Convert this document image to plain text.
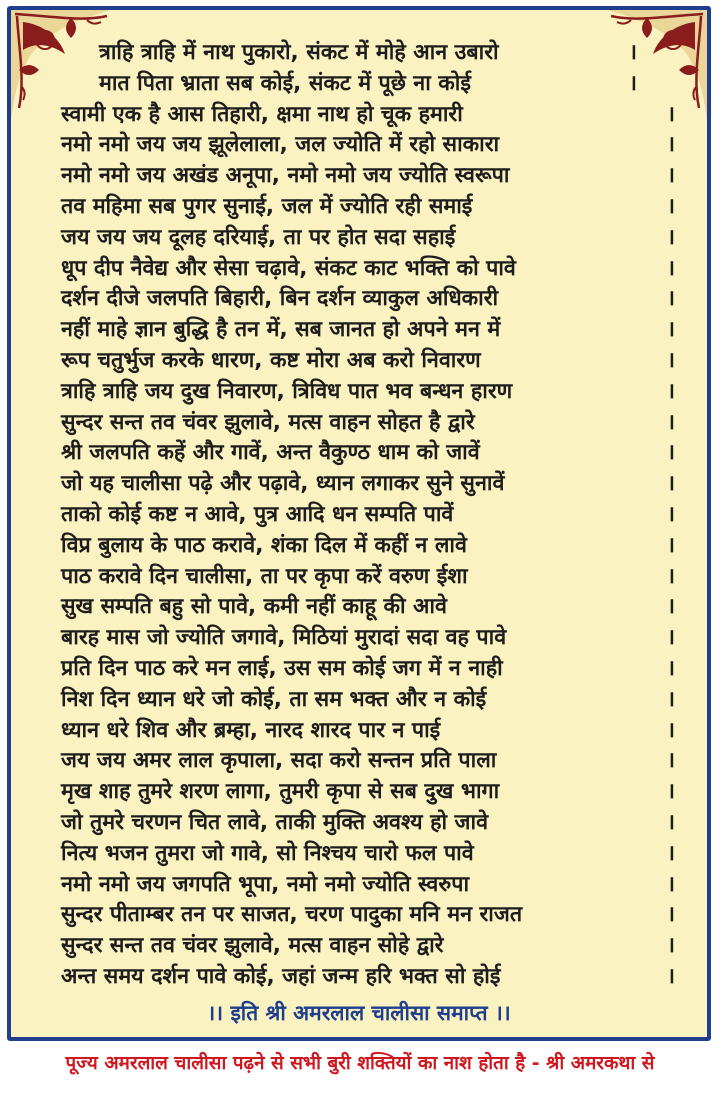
त्राहि त्राहि में नाथ पुकारो, संकट में मोहे आन उबारो	।
मात पिता भ्राता सब कोई, संकट में पूछे ना कोई	।
स्वामी एक है आस तिहारी, क्षमा नाथ हो चूक हमारी	।
नमो नमो जय जय झूलेलाला, जल ज्योति में रहो साकारा	।
नमो नमो जय अखंड अनूपा, नमो नमो जय ज्योति स्वरूपा	।
तव महिमा सब पुगर सुनाई, जल में ज्योति रही समाई	।
जय जय जय दूलह दरियाई, ता पर होत सदा सहाई	।
धूप दीप नैवेद्य और सेसा चढ़ावे, संकट काट भक्ति को पावे	।
दर्शन दीजे जलपति बिहारी, बिन दर्शन व्याकुल अधिकारी	।
नहीं माहे ज्ञान बुद्धि है तन में, सब जानत हो अपने मन में	।
रूप चतुर्भुज करके धारण, कष्ट मोरा अब करो निवारण	।
त्राहि त्राहि जय दुख निवारण, त्रिविध पात भव बन्धन हारण	।
सुन्दर सन्त तव चंवर झुलावे, मत्स वाहन सोहत है द्वारे	।
श्री जलपति कहें और गावें, अन्त वैकुण्ठ धाम को जावें	।
जो यह चालीसा पढ़े और पढ़ावे, ध्यान लगाकर सुने सुनावें	।
ताको कोई कष्ट न आवे, पुत्र आदि धन सम्पति पावें	।
विप्र बुलाय के पाठ करावे, शंका दिल में कहीं न लावे	।
पाठ करावे दिन चालीसा, ता पर कृपा करें वरुण ईशा	।
सुख सम्पति बहु सो पावे, कमी नहीं काहू की आवे	।
बारह मास जो ज्योति जगावे, मिठियां मुरादां सदा वह पावे	।
प्रति दिन पाठ करे मन लाई, उस सम कोई जग में न नाही	।
निश दिन ध्यान धरे जो कोई, ता सम भक्त और न कोई	।
ध्यान धरे शिव और ब्रम्हा, नारद शारद पार न पाई	।
जय जय अमर लाल कृपाला, सदा करो सन्तन प्रति पाला	।
मृख शाह तुमरे शरण लागा, तुमरी कृपा से सब दुख भागा	।
जो तुमरे चरणन चित लावे, ताकी मुक्ति अवश्य हो जावे	।
नित्य भजन तुमरा जो गावे, सो निश्चय चारो फल पावे	।
नमो नमो जय जगपति भूपा, नमो नमो ज्योति स्वरुपा	।
सुन्दर पीताम्बर तन पर साजत, चरण पादुका मनि मन राजत	।
सुन्दर सन्त तव चंवर झुलावे, मत्स वाहन सोहे द्वारे	।
अन्त समय दर्शन पावे कोई, जहां जन्म हरि भक्त सो होई	।
।। इति श्री अमरलाल चालीसा समाप्त ।।
पूज्य अमरलाल चालीसा पढ़ने से सभी बुरी शक्तियों का नाश होता है - श्री अमरकथा से
